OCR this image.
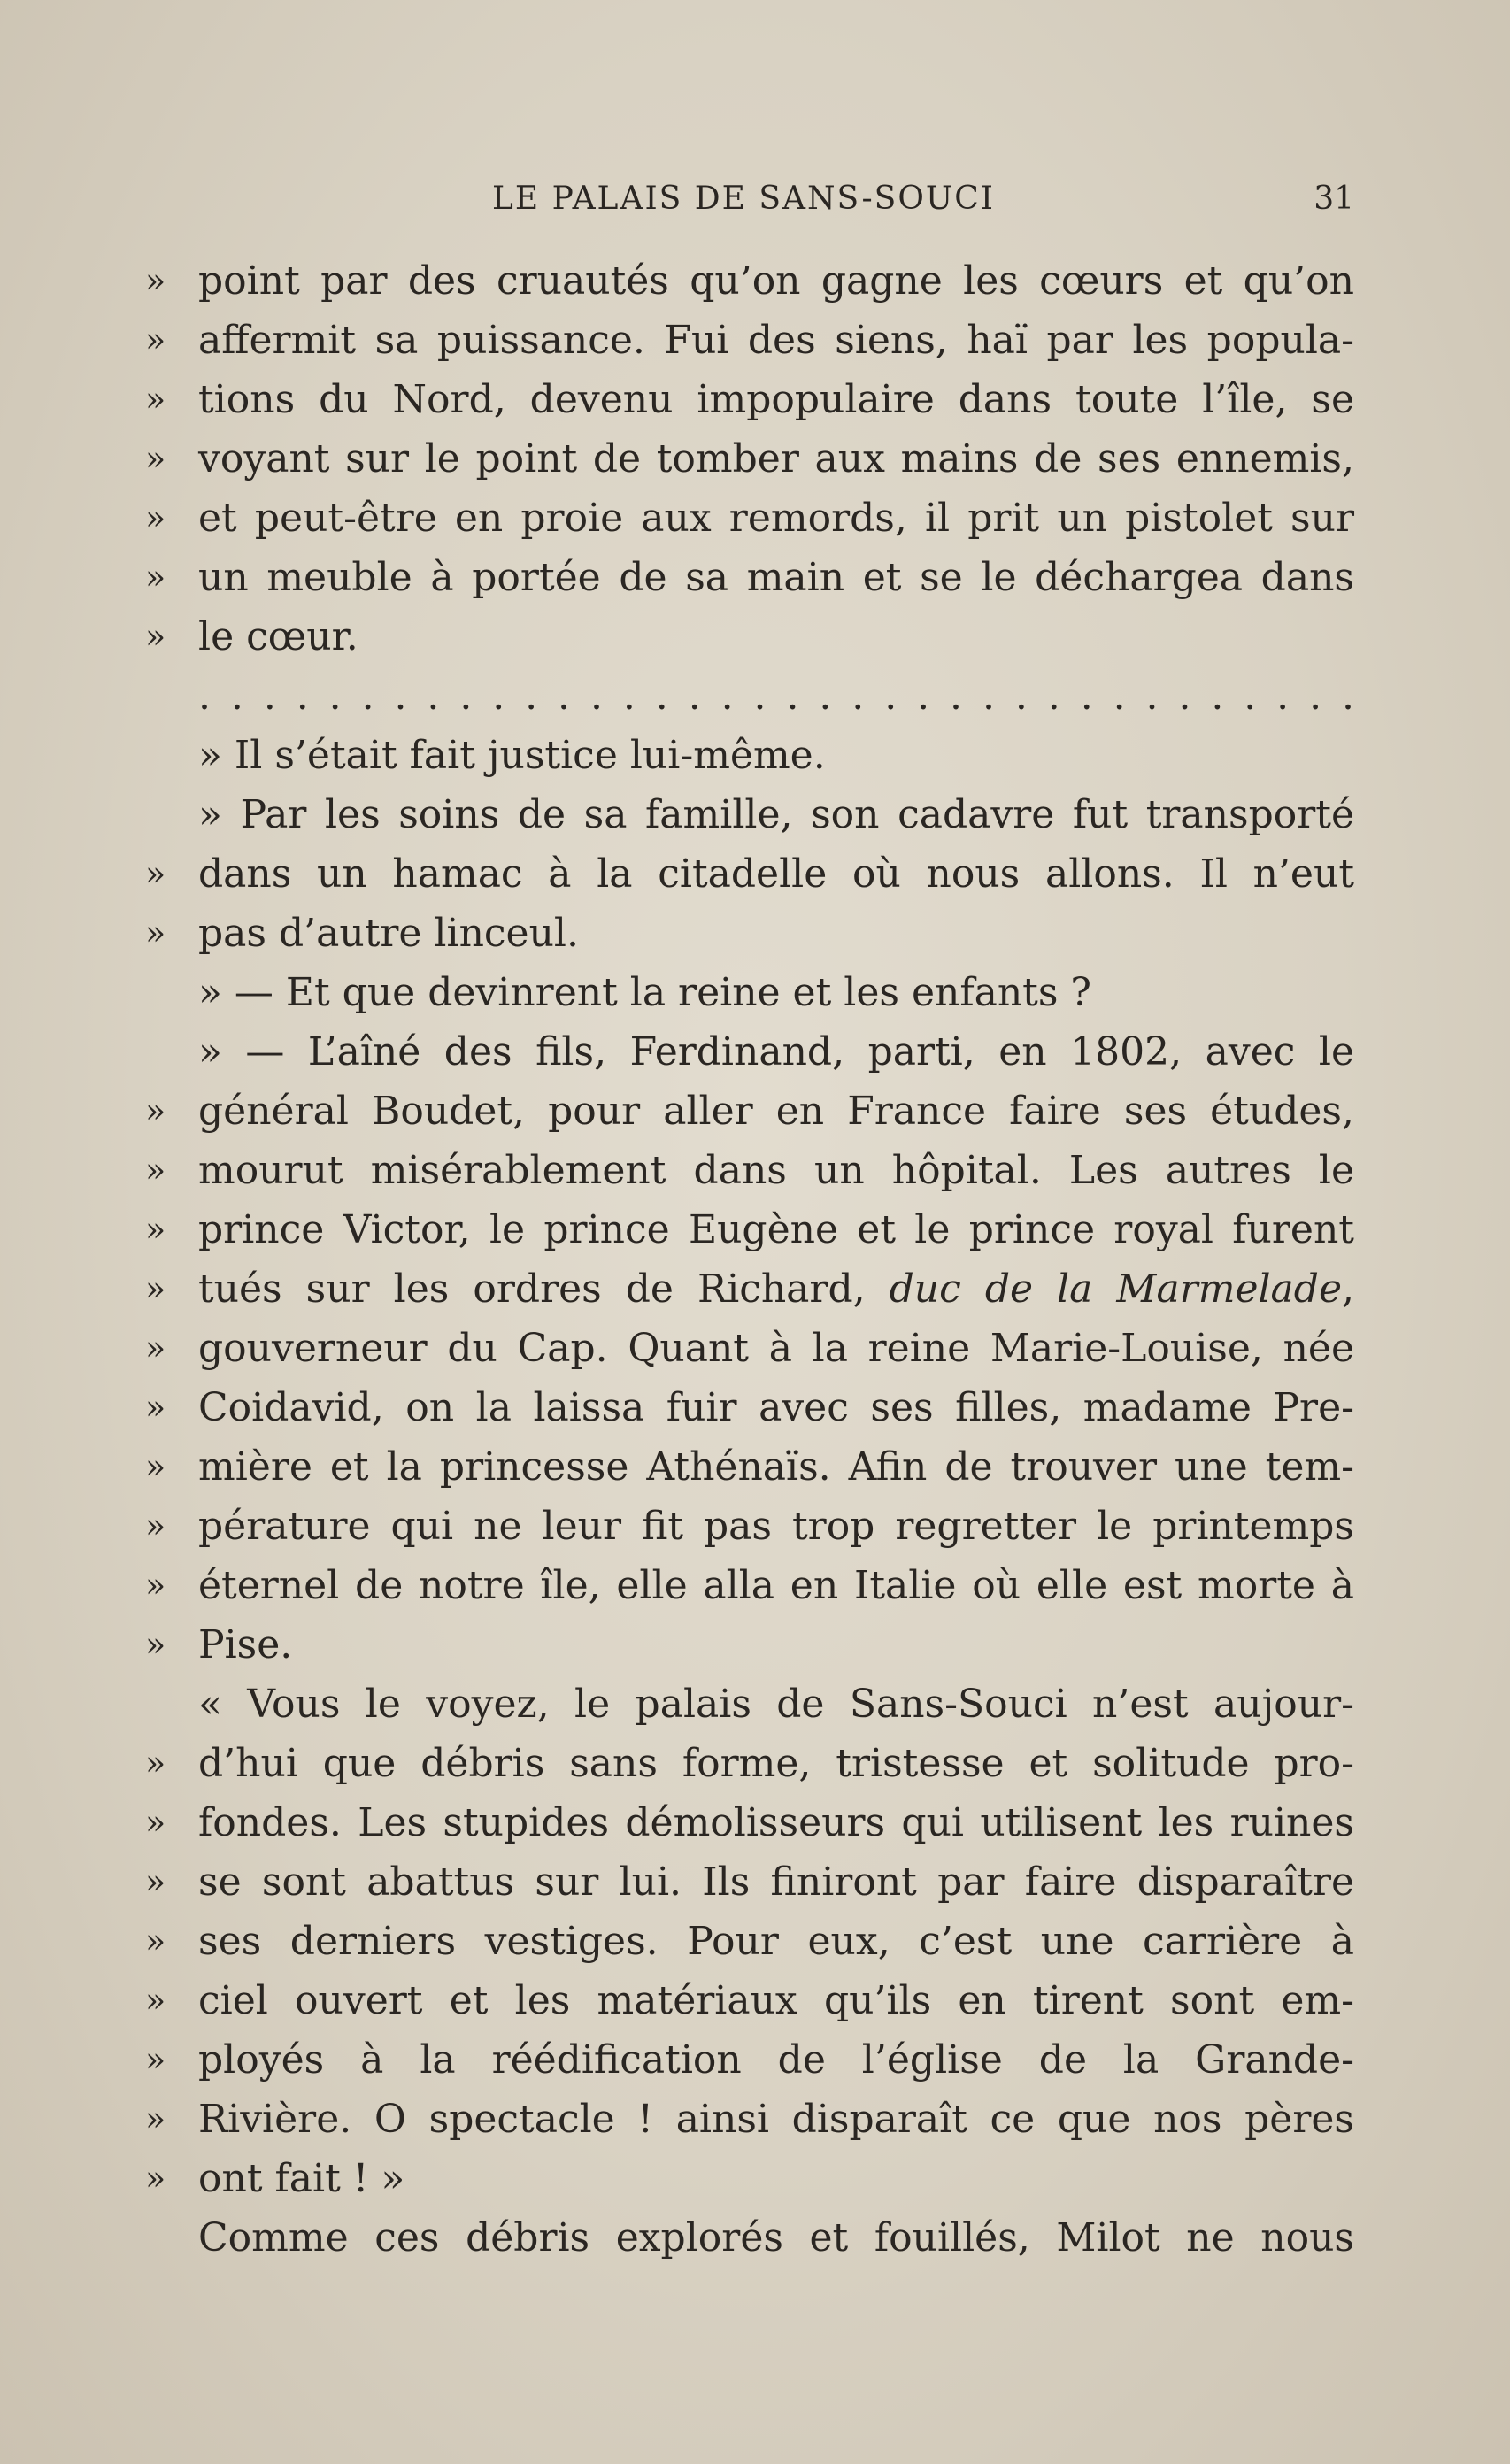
LE PALAIS DE SANS-SOUCI	31
» point par des cruautés qu’on gagne les cœurs et qu’on
» affermit sa puissance. Fui des siens, haï par les popula-
» tions du Nord, devenu impopulaire dans toute l’île, se
» voyant sur le point de tomber aux mains de ses ennemis,
» et peut-être en proie aux remords, il prit un pistolet sur
» un meuble à portée de sa main et se le déchargea dans
» le cœur.
. . . . . . . . . . . . . . . . . . . . . . . . . . . . . . . . . . . .
» Il s’était fait justice lui-même.
» Par les soins de sa famille, son cadavre fut transporté
» dans un hamac à la citadelle où nous allons. Il n’eut
» pas d’autre linceul.
» — Et que devinrent la reine et les enfants ?
» — L’aîné des fils, Ferdinand, parti, en 1802, avec le
» général Boudet, pour aller en France faire ses études,
» mourut misérablement dans un hôpital. Les autres le
» prince Victor, le prince Eugène et le prince royal furent
» tués sur les ordres de Richard, duc de la Marmelade,
» gouverneur du Cap. Quant à la reine Marie-Louise, née
» Coidavid, on la laissa fuir avec ses filles, madame Pre-
» mière et la princesse Athénaïs. Afin de trouver une tem-
» pérature qui ne leur fit pas trop regretter le printemps
» éternel de notre île, elle alla en Italie où elle est morte à
» Pise.
« Vous le voyez, le palais de Sans-Souci n’est aujour-
» d’hui que débris sans forme, tristesse et solitude pro-
» fondes. Les stupides démolisseurs qui utilisent les ruines
» se sont abattus sur lui. Ils finiront par faire disparaître
» ses derniers vestiges. Pour eux, c’est une carrière à
» ciel ouvert et les matériaux qu’ils en tirent sont em-
» ployés à la réédification de l’église de la Grande-
» Rivière. O spectacle ! ainsi disparaît ce que nos pères
» ont fait ! »
Comme ces débris explorés et fouillés, Milot ne nous
